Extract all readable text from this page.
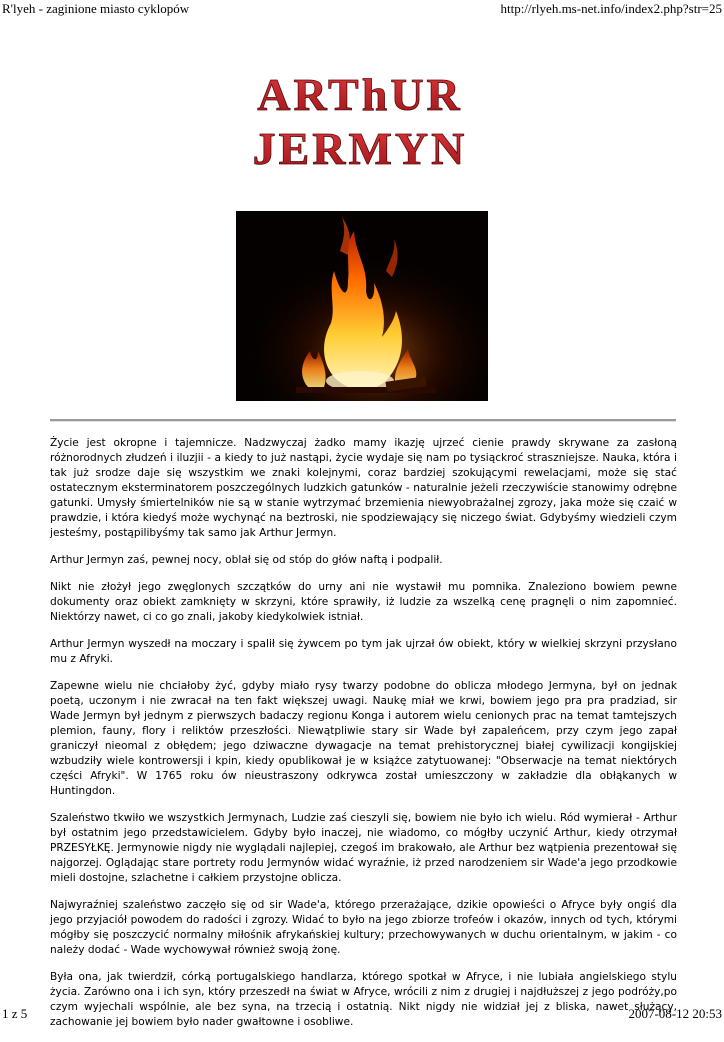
R'lyeh - zaginione miasto cyklopów	http://rlyeh.ms-net.info/index2.php?str=25
ARThUR
JERMYN

Życie jest okropne i tajemnicze. Nadzwyczaj żadko mamy ikazję ujrzeć cienie prawdy skrywane za zasłoną różnorodnych złudzeń i iluzjii - a kiedy to już nastąpi, życie wydaje się nam po tysiąckroć straszniejsze. Nauka, która i tak już srodze daje się wszystkim we znaki kolejnymi, coraz bardziej szokującymi rewelacjami, może się stać ostatecznym eksterminatorem poszczególnych ludzkich gatunków - naturalnie jeżeli rzeczywiście stanowimy odrębne gatunki. Umysły śmiertelników nie są w stanie wytrzymać brzemienia niewyobrażalnej zgrozy, jaka może się czaić w prawdzie, i która kiedyś może wychynąć na beztroski, nie spodziewający się niczego świat. Gdybyśmy wiedzieli czym jesteśmy, postąpilibyśmy tak samo jak Arthur Jermyn.

Arthur Jermyn zaś, pewnej nocy, oblał się od stóp do głów naftą i podpalił.

Nikt nie złożył jego zwęglonych szczątków do urny ani nie wystawił mu pomnika. Znaleziono bowiem pewne dokumenty oraz obiekt zamknięty w skrzyni, które sprawiły, iż ludzie za wszelką cenę pragnęli o nim zapomnieć. Niektórzy nawet, ci co go znali, jakoby kiedykolwiek istniał.

Arthur Jermyn wyszedł na moczary i spalił się żywcem po tym jak ujrzał ów obiekt, który w wielkiej skrzyni przysłano mu z Afryki.

Zapewne wielu nie chciałoby żyć, gdyby miało rysy twarzy podobne do oblicza młodego Jermyna, był on jednak poetą, uczonym i nie zwracał na ten fakt większej uwagi. Naukę miał we krwi, bowiem jego pra pra pradziad, sir Wade Jermyn był jednym z pierwszych badaczy regionu Konga i autorem wielu cenionych prac na temat tamtejszych plemion, fauny, flory i reliktów przeszłości. Niewątpliwie stary sir Wade był zapaleńcem, przy czym jego zapał graniczył nieomal z obłędem; jego dziwaczne dywagacje na temat prehistorycznej białej cywilizacji kongijskiej wzbudziły wiele kontrowersji i kpin, kiedy opublikował je w książce zatytuowanej: "Obserwacje na temat niektórych części Afryki". W 1765 roku ów nieustraszony odkrywca został umieszczony w zakładzie dla obłąkanych w Huntingdon.

Szaleństwo tkwiło we wszystkich Jermynach, Ludzie zaś cieszyli się, bowiem nie było ich wielu. Ród wymierał - Arthur był ostatnim jego przedstawicielem. Gdyby było inaczej, nie wiadomo, co mógłby uczynić Arthur, kiedy otrzymał PRZESYŁKĘ. Jermynowie nigdy nie wyglądali najlepiej, czegoś im brakowało, ale Arthur bez wątpienia prezentował się najgorzej. Oglądając stare portrety rodu Jermynów widać wyraźnie, iż przed narodzeniem sir Wade'a jego przodkowie mieli dostojne, szlachetne i całkiem przystojne oblicza.

Najwyraźniej szaleństwo zaczęło się od sir Wade'a, którego przerażające, dzikie opowieści o Afryce były ongiś dla jego przyjaciół powodem do radości i zgrozy. Widać to było na jego zbiorze trofeów i okazów, innych od tych, którymi mógłby się poszczycić normalny miłośnik afrykańskiej kultury; przechowywanych w duchu orientalnym, w jakim - co należy dodać - Wade wychowywał również swoją żonę.

Była ona, jak twierdził, córką portugalskiego handlarza, którego spotkał w Afryce, i nie lubiała angielskiego stylu życia. Zarówno ona i ich syn, który przeszedł na świat w Afryce, wrócili z nim z drugiej i najdłuższej z jego podróży,po czym wyjechali wspólnie, ale bez syna, na trzecią i ostatnią. Nikt nigdy nie widział jej z bliska, nawet służący, zachowanie jej bowiem było nader gwałtowne i osobliwe.

1 z 5	2007-08-12 20:53
